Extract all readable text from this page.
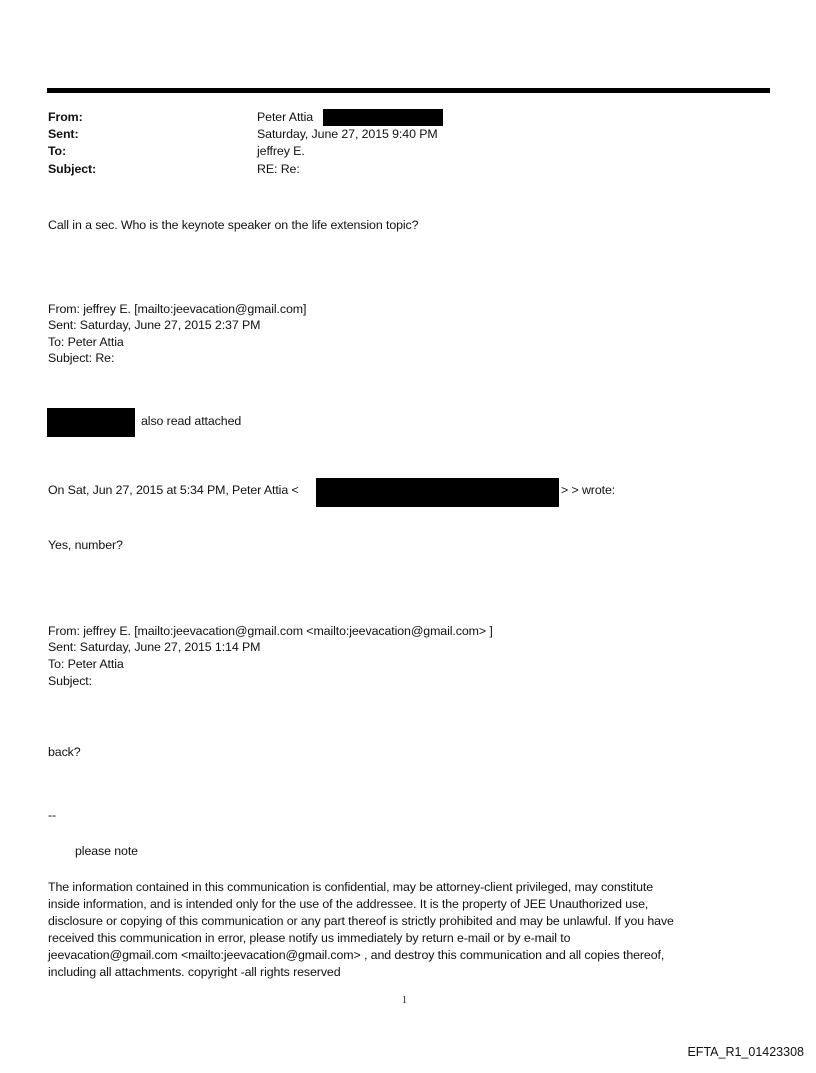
From:	Peter Attia
Sent:	Saturday, June 27, 2015 9:40 PM
To:	jeffrey E.
Subject:	RE: Re:
Call in a sec. Who is the keynote speaker on the life extension topic?
From: jeffrey E. [mailto:jeevacation@gmail.com]
Sent: Saturday, June 27, 2015 2:37 PM
To: Peter Attia
Subject: Re:
also read attached
On Sat, Jun 27, 2015 at 5:34 PM, Peter Attia <	> > wrote:
Yes, number?
From: jeffrey E. [mailto:jeevacation@gmail.com <mailto:jeevacation@gmail.com> ]
Sent: Saturday, June 27, 2015 1:14 PM
To: Peter Attia
Subject:
back?
--
please note
The information contained in this communication is confidential, may be attorney-client privileged, may constitute
inside information, and is intended only for the use of the addressee. It is the property of JEE Unauthorized use,
disclosure or copying of this communication or any part thereof is strictly prohibited and may be unlawful. If you have
received this communication in error, please notify us immediately by return e-mail or by e-mail to
jeevacation@gmail.com <mailto:jeevacation@gmail.com> , and destroy this communication and all copies thereof,
including all attachments. copyright -all rights reserved
1
EFTA_R1_01423308
